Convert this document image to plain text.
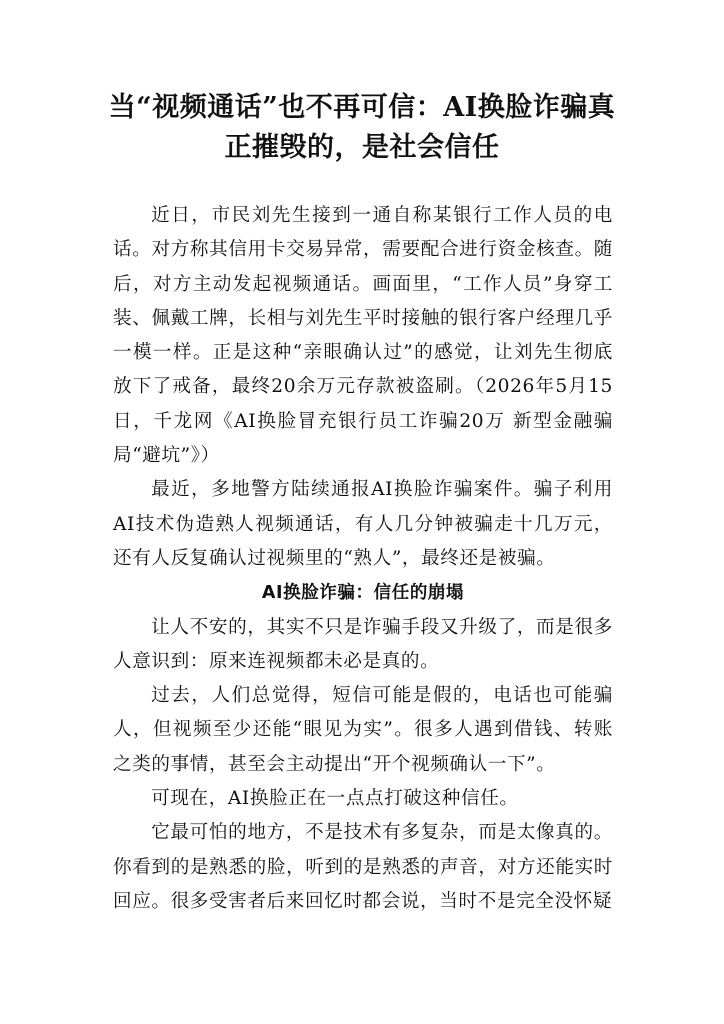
当“视频通话”也不再可信：AI换脸诈骗真
正摧毁的，是社会信任

近日，市民刘先生接到一通自称某银行工作人员的电话。对方称其信用卡交易异常，需要配合进行资金核查。随后，对方主动发起视频通话。画面里，“工作人员”身穿工装、佩戴工牌，长相与刘先生平时接触的银行客户经理几乎一模一样。正是这种“亲眼确认过”的感觉，让刘先生彻底放下了戒备，最终20余万元存款被盗刷。（2026年5月15日，千龙网《AI换脸冒充银行员工诈骗20万 新型金融骗局“避坑”》）

最近，多地警方陆续通报AI换脸诈骗案件。骗子利用AI技术伪造熟人视频通话，有人几分钟被骗走十几万元，还有人反复确认过视频里的“熟人”，最终还是被骗。

AI换脸诈骗：信任的崩塌

让人不安的，其实不只是诈骗手段又升级了，而是很多人意识到：原来连视频都未必是真的。

过去，人们总觉得，短信可能是假的，电话也可能骗人，但视频至少还能“眼见为实”。很多人遇到借钱、转账之类的事情，甚至会主动提出“开个视频确认一下”。

可现在，AI换脸正在一点点打破这种信任。

它最可怕的地方，不是技术有多复杂，而是太像真的。你看到的是熟悉的脸，听到的是熟悉的声音，对方还能实时回应。很多受害者后来回忆时都会说，当时不是完全没怀疑
